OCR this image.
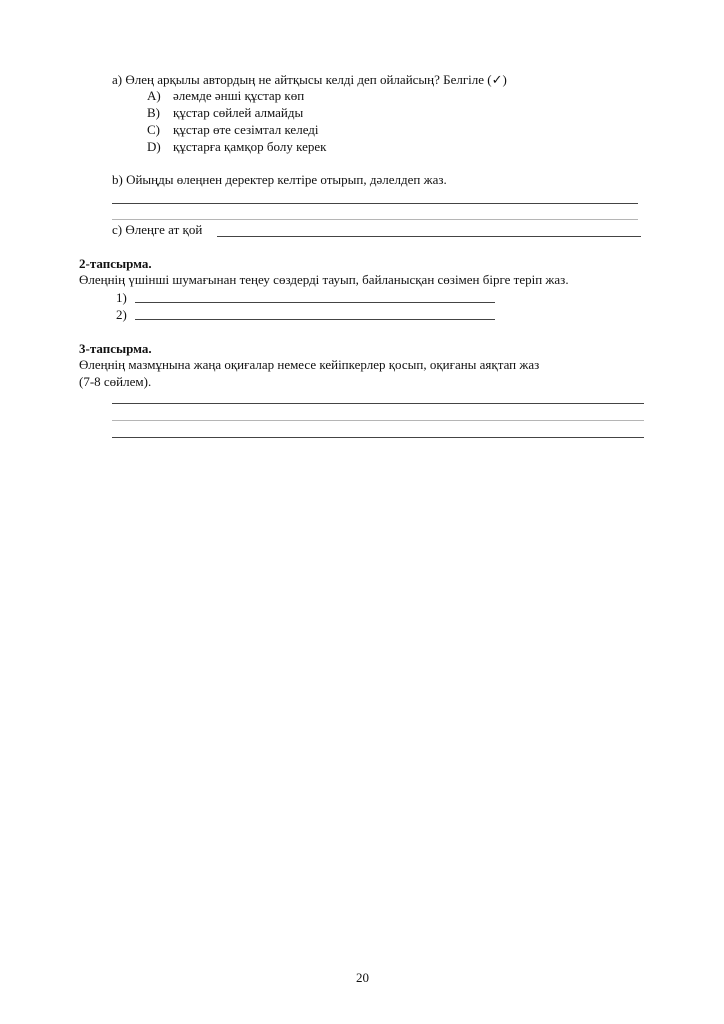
а) Өлең арқылы автордың не айтқысы келді деп ойлайсың? Белгіле (✓)
A) әлемде әнші құстар көп
B) құстар сөйлей алмайды
C) құстар өте сезімтал келеді
D) құстарға қамқор болу керек
b) Ойыңды өлеңнен деректер келтіре отырып, дәлелдеп жаз.
c) Өлеңге ат қой
2-тапсырма.
Өлеңнің үшінші шумағынан теңеу сөздерді тауып, байланысқан сөзімен бірге теріп жаз.
1)
2)
3-тапсырма.
Өлеңнің мазмұнына жаңа оқиғалар немесе кейіпкерлер қосып, оқиғаны аяқтап жаз
(7-8 сөйлем).
20
